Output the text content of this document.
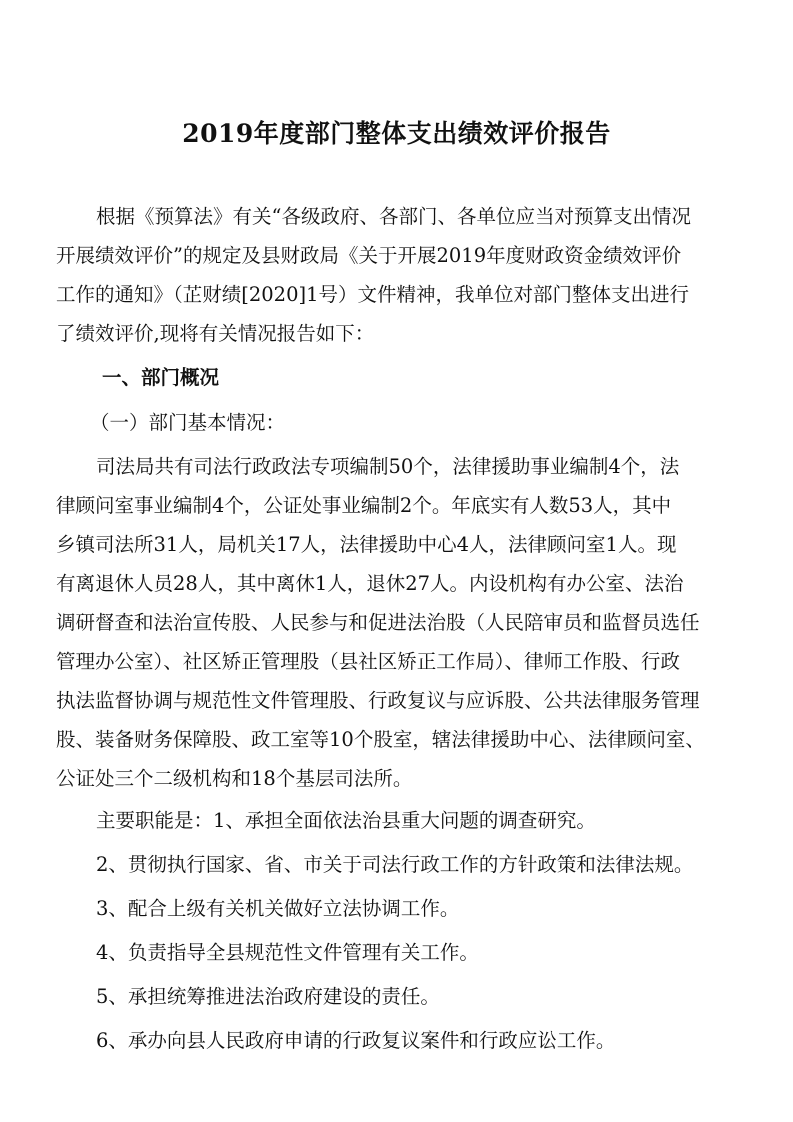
2019年度部门整体支出绩效评价报告
根据《预算法》有关“各级政府、各部门、各单位应当对预算支出情况
开展绩效评价”的规定及县财政局《关于开展2019年度财政资金绩效评价
工作的通知》（芷财绩[2020]1号）文件精神，我单位对部门整体支出进行
了绩效评价,现将有关情况报告如下：
一、部门概况
（一）部门基本情况：
司法局共有司法行政政法专项编制50个，法律援助事业编制4个，法
律顾问室事业编制4个，公证处事业编制2个。年底实有人数53人，其中
乡镇司法所31人，局机关17人，法律援助中心4人，法律顾问室1人。现
有离退休人员28人，其中离休1人，退休27人。内设机构有办公室、法治
调研督查和法治宣传股、人民参与和促进法治股（人民陪审员和监督员选任
管理办公室）、社区矫正管理股（县社区矫正工作局）、律师工作股、行政
执法监督协调与规范性文件管理股、行政复议与应诉股、公共法律服务管理
股、装备财务保障股、政工室等10个股室，辖法律援助中心、法律顾问室、
公证处三个二级机构和18个基层司法所。
主要职能是：1、承担全面依法治县重大问题的调查研究。
2、贯彻执行国家、省、市关于司法行政工作的方针政策和法律法规。
3、配合上级有关机关做好立法协调工作。
4、负责指导全县规范性文件管理有关工作。
5、承担统筹推进法治政府建设的责任。
6、承办向县人民政府申请的行政复议案件和行政应讼工作。
